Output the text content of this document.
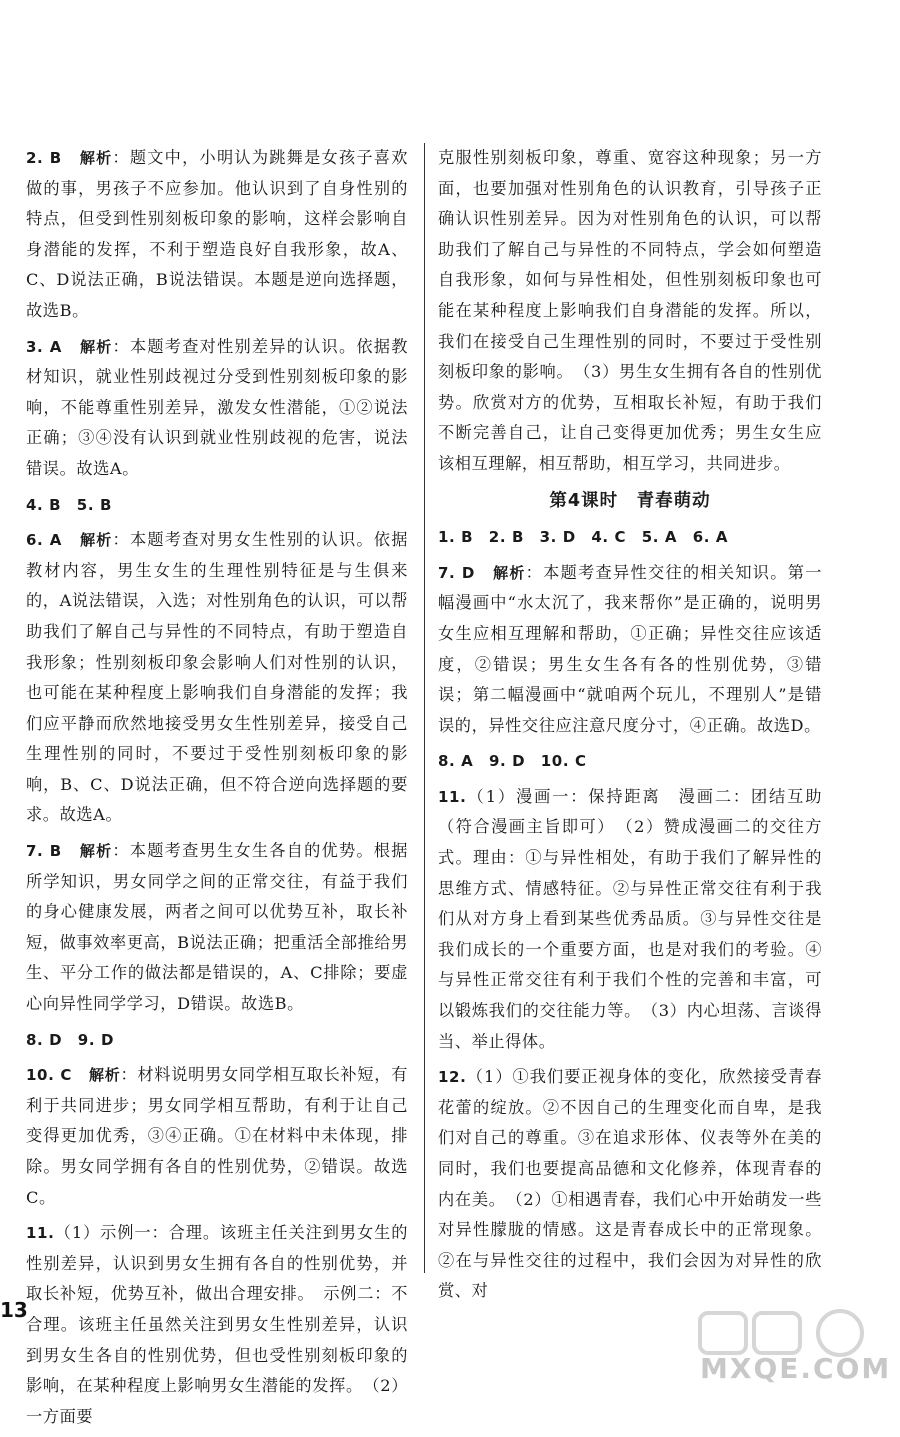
2. B　 解析：题文中，小明认为跳舞是女孩子喜欢做的事，男孩子不应参加。他认识到了自身性别的特点，但受到性别刻板印象的影响，这样会影响自身潜能的发挥，不利于塑造良好自我形象，故A、C、D说法正确，B说法错误。本题是逆向选择题，故选B。

3. A　 解析：本题考查对性别差异的认识。依据教材知识，就业性别歧视过分受到性别刻板印象的影响，不能尊重性别差异，激发女性潜能，①②说法正确；③④没有认识到就业性别歧视的危害，说法错误。故选A。

4. B　5. B

6. A　 解析：本题考查对男女生性别的认识。依据教材内容，男生女生的生理性别特征是与生俱来的，A说法错误，入选；对性别角色的认识，可以帮助我们了解自己与异性的不同特点，有助于塑造自我形象；性别刻板印象会影响人们对性别的认识，也可能在某种程度上影响我们自身潜能的发挥；我们应平静而欣然地接受男女生性别差异，接受自己生理性别的同时，不要过于受性别刻板印象的影响，B、C、D说法正确，但不符合逆向选择题的要求。故选A。

7. B　 解析：本题考查男生女生各自的优势。根据所学知识，男女同学之间的正常交往，有益于我们的身心健康发展，两者之间可以优势互补，取长补短，做事效率更高，B说法正确；把重活全部推给男生、平分工作的做法都是错误的，A、C排除；要虚心向异性同学学习，D错误。故选B。

8. D　9. D

10. C　 解析：材料说明男女同学相互取长补短，有利于共同进步；男女同学相互帮助，有利于让自己变得更加优秀，③④正确。①在材料中未体现，排除。男女同学拥有各自的性别优势，②错误。故选C。

11.（1）示例一：合理。该班主任关注到男女生的性别差异，认识到男女生拥有各自的性别优势，并取长补短，优势互补，做出合理安排。　示例二：不合理。该班主任虽然关注到男女生性别差异，认识到男女生各自的性别优势，但也受性别刻板印象的影响，在某种程度上影响男女生潜能的发挥。　（2）一方面要

克服性别刻板印象，尊重、宽容这种现象；另一方面，也要加强对性别角色的认识教育，引导孩子正确认识性别差异。因为对性别角色的认识，可以帮助我们了解自己与异性的不同特点，学会如何塑造自我形象，如何与异性相处，但性别刻板印象也可能在某种程度上影响我们自身潜能的发挥。所以，我们在接受自己生理性别的同时，不要过于受性别刻板印象的影响。　（3）男生女生拥有各自的性别优势。欣赏对方的优势，互相取长补短，有助于我们不断完善自己，让自己变得更加优秀；男生女生应该相互理解，相互帮助，相互学习，共同进步。

第4课时　青春萌动

1. B　2. B　3. D　4. C　5. A　6. A

7. D　 解析：本题考查异性交往的相关知识。第一幅漫画中“水太沉了，我来帮你”是正确的，说明男女生应相互理解和帮助，①正确；异性交往应该适度，②错误；男生女生各有各的性别优势，③错误；第二幅漫画中“就咱两个玩儿，不理别人”是错误的，异性交往应注意尺度分寸，④正确。故选D。

8. A　9. D　10. C

11.（1）漫画一：保持距离　漫画二：团结互助（符合漫画主旨即可）　（2）赞成漫画二的交往方式。理由：①与异性相处，有助于我们了解异性的思维方式、情感特征。②与异性正常交往有利于我们从对方身上看到某些优秀品质。③与异性交往是我们成长的一个重要方面，也是对我们的考验。④与异性正常交往有利于我们个性的完善和丰富，可以锻炼我们的交往能力等。　（3）内心坦荡、言谈得当、举止得体。

12.（1）①我们要正视身体的变化，欣然接受青春花蕾的绽放。②不因自己的生理变化而自卑，是我们对自己的尊重。③在追求形体、仪表等外在美的同时，我们也要提高品德和文化修养，体现青春的内在美。　（2）①相遇青春，我们心中开始萌发一些对异性朦胧的情感。这是青春成长中的正常现象。②在与异性交往的过程中，我们会因为对异性的欣赏、对

13
MXQE.COM
